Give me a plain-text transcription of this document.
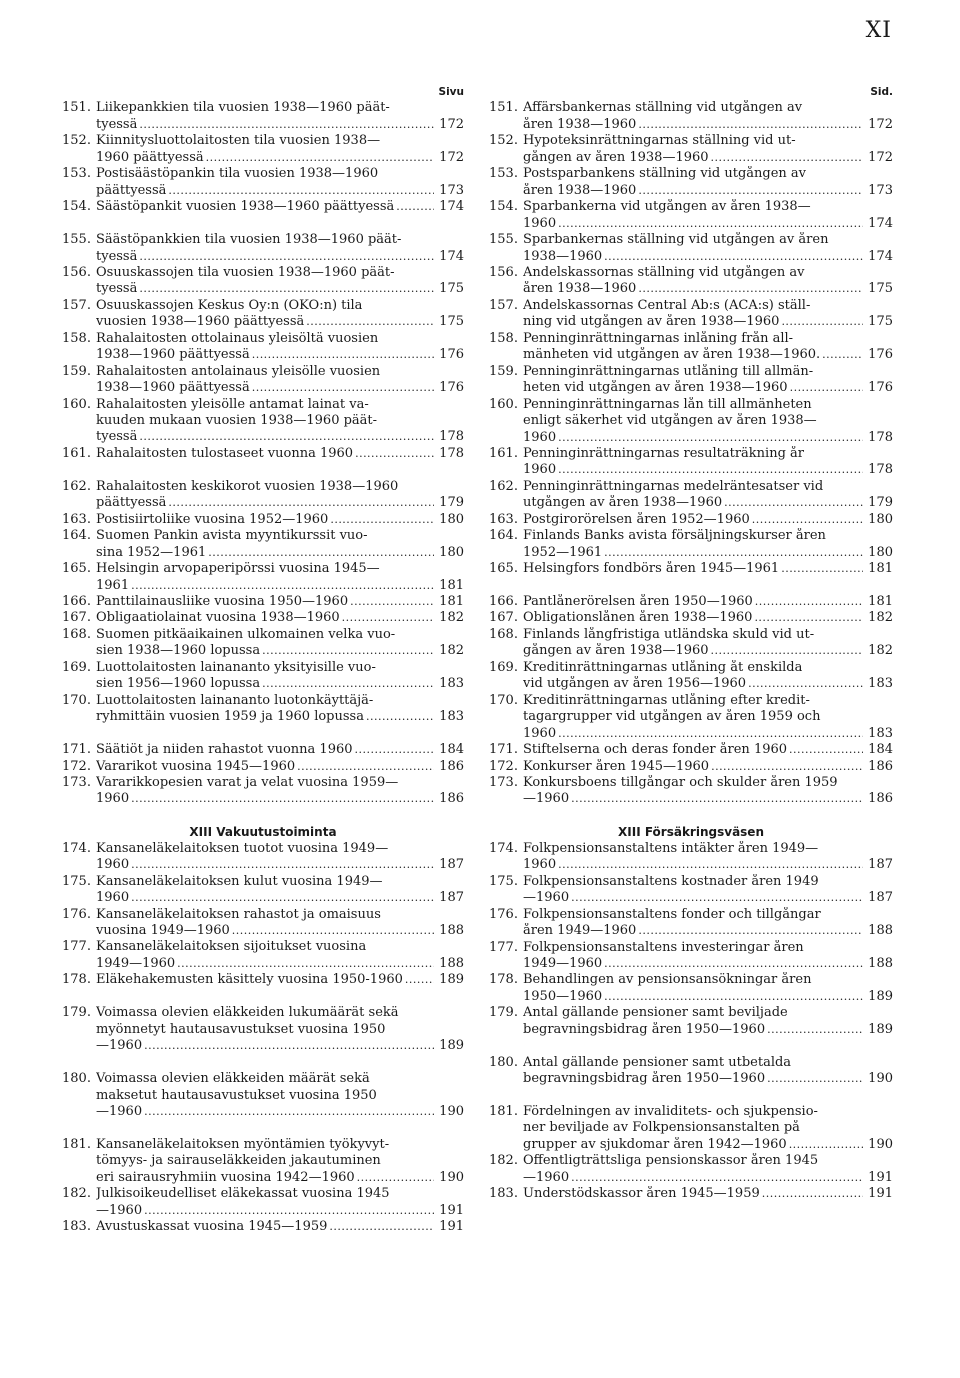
XI
Sivu
151. Liikepankkien tila vuosien 1938—1960 päät-
tyessä . . .	172
152. Kiinnitysluottolaitosten tila vuosien 1938—
1960 päättyessä . . .	172
153. Postisäästöpankin tila vuosien 1938—1960
päättyessä . . .	173
154. Säästöpankit vuosien 1938—1960 päättyessä . . .	174
155. Säästöpankkien tila vuosien 1938—1960 päät-
tyessä . . .	174
156. Osuuskassojen tila vuosien 1938—1960 päät-
tyessä . . .	175
157. Osuuskassojen Keskus Oy:n (OKO:n) tila
vuosien 1938—1960 päättyessä . . .	175
158. Rahalaitosten ottolainaus yleisöltä vuosien
1938—1960 päättyessä . . .	176
159. Rahalaitosten antolainaus yleisölle vuosien
1938—1960 päättyessä . . .	176
160. Rahalaitosten yleisölle antamat lainat va-
kuuden mukaan vuosien 1938—1960 päät-
tyessä . . .	178
161. Rahalaitosten tulostaseet vuonna 1960 . . .	178
162. Rahalaitosten keskikorot vuosien 1938—1960
päättyessä . . .	179
163. Postisiirtoliike vuosina 1952—1960 . . .	180
164. Suomen Pankin avista myyntikurssit vuo-
sina 1952—1961 . . .	180
165. Helsingin arvopaperipörssi vuosina 1945—
1961 . . .	181
166. Panttilainausliike vuosina 1950—1960 . . .	181
167. Obligaatiolainat vuosina 1938—1960 . . .	182
168. Suomen pitkäaikainen ulkomainen velka vuo-
sien 1938—1960 lopussa . . .	182
169. Luottolaitosten lainananto yksityisille vuo-
sien 1956—1960 lopussa . . .	183
170. Luottolaitosten lainananto luotonkäyttäjä-
ryhmittäin vuosien 1959 ja 1960 lopussa . . .	183
171. Säätiöt ja niiden rahastot vuonna 1960 . . .	184
172. Vararikot vuosina 1945—1960 . . .	186
173. Vararikkopesien varat ja velat vuosina 1959—
1960 . . .	186
XIII Vakuutustoiminta
174. Kansaneläkelaitoksen tuotot vuosina 1949—
1960 . . .	187
175. Kansaneläkelaitoksen kulut vuosina 1949—
1960 . . .	187
176. Kansaneläkelaitoksen rahastot ja omaisuus
vuosina 1949—1960 . . .	188
177. Kansaneläkelaitoksen sijoitukset vuosina
1949—1960 . . .	188
178. Eläkehakemusten käsittely vuosina 1950-1960 . . .	189
179. Voimassa olevien eläkkeiden lukumäärät sekä
myönnetyt hautausavustukset vuosina 1950
—1960 . . .	189
180. Voimassa olevien eläkkeiden määrät sekä
maksetut hautausavustukset vuosina 1950
—1960 . . .	190
181. Kansaneläkelaitoksen myöntämien työkyvyt-
tömyys- ja sairauseläkkeiden jakautuminen
eri sairausryhmiin vuosina 1942—1960 . . .	190
182. Julkisoikeudelliset eläkekassat vuosina 1945
—1960 . . .	191
183. Avustuskassat vuosina 1945—1959 . . .	191
Sid.
151. Affärsbankernas ställning vid utgången av
åren 1938—1960 . . .	172
152. Hypoteksinrättningarnas ställning vid ut-
gången av åren 1938—1960 . . .	172
153. Postsparbankens ställning vid utgången av
åren 1938—1960 . . .	173
154. Sparbankerna vid utgången av åren 1938—
1960 . . .	174
155. Sparbankernas ställning vid utgången av åren
1938—1960 . . .	174
156. Andelskassornas ställning vid utgången av
åren 1938—1960 . . .	175
157. Andelskassornas Central Ab:s (ACA:s) ställ-
ning vid utgången av åren 1938—1960 . . .	175
158. Penninginrättningarnas inlåning från all-
mänheten vid utgången av åren 1938—1960. . . .	176
159. Penninginrättningarnas utlåning till allmän-
heten vid utgången av åren 1938—1960 . . .	176
160. Penninginrättningarnas lån till allmänheten
enligt säkerhet vid utgången av åren 1938—
1960 . . .	178
161. Penninginrättningarnas resultaträkning år
1960 . . .	178
162. Penninginrättningarnas medelräntesatser vid
utgången av åren 1938—1960 . . .	179
163. Postgirorörelsen åren 1952—1960 . . .	180
164. Finlands Banks avista försäljningskurser åren
1952—1961 . . .	180
165. Helsingfors fondbörs åren 1945—1961 . . .	181
166. Pantlånerörelsen åren 1950—1960 . . .	181
167. Obligationslånen åren 1938—1960 . . .	182
168. Finlands långfristiga utländska skuld vid ut-
gången av åren 1938—1960 . . .	182
169. Kreditinrättningarnas utlåning åt enskilda
vid utgången av åren 1956—1960 . . .	183
170. Kreditinrättningarnas utlåning efter kredit-
tagargrupper vid utgången av åren 1959 och
1960 . . .	183
171. Stiftelserna och deras fonder åren 1960 . . .	184
172. Konkurser åren 1945—1960 . . .	186
173. Konkursboens tillgångar och skulder åren 1959
—1960 . . .	186
XIII Försäkringsväsen
174. Folkpensionsanstaltens intäkter åren 1949—
1960 . . .	187
175. Folkpensionsanstaltens kostnader åren 1949
—1960 . . .	187
176. Folkpensionsanstaltens fonder och tillgångar
åren 1949—1960 . . .	188
177. Folkpensionsanstaltens investeringar åren
1949—1960 . . .	188
178. Behandlingen av pensionsansökningar åren
1950—1960 . . .	189
179. Antal gällande pensioner samt beviljade
begravningsbidrag åren 1950—1960 . . .	189
180. Antal gällande pensioner samt utbetalda
begravningsbidrag åren 1950—1960 . . .	190
181. Fördelningen av invaliditets- och sjukpensio-
ner beviljade av Folkpensionsanstalten på
grupper av sjukdomar åren 1942—1960 . . .	190
182. Offentligträttsliga pensionskassor åren 1945
—1960 . . .	191
183. Understödskassor åren 1945—1959 . . .	191
